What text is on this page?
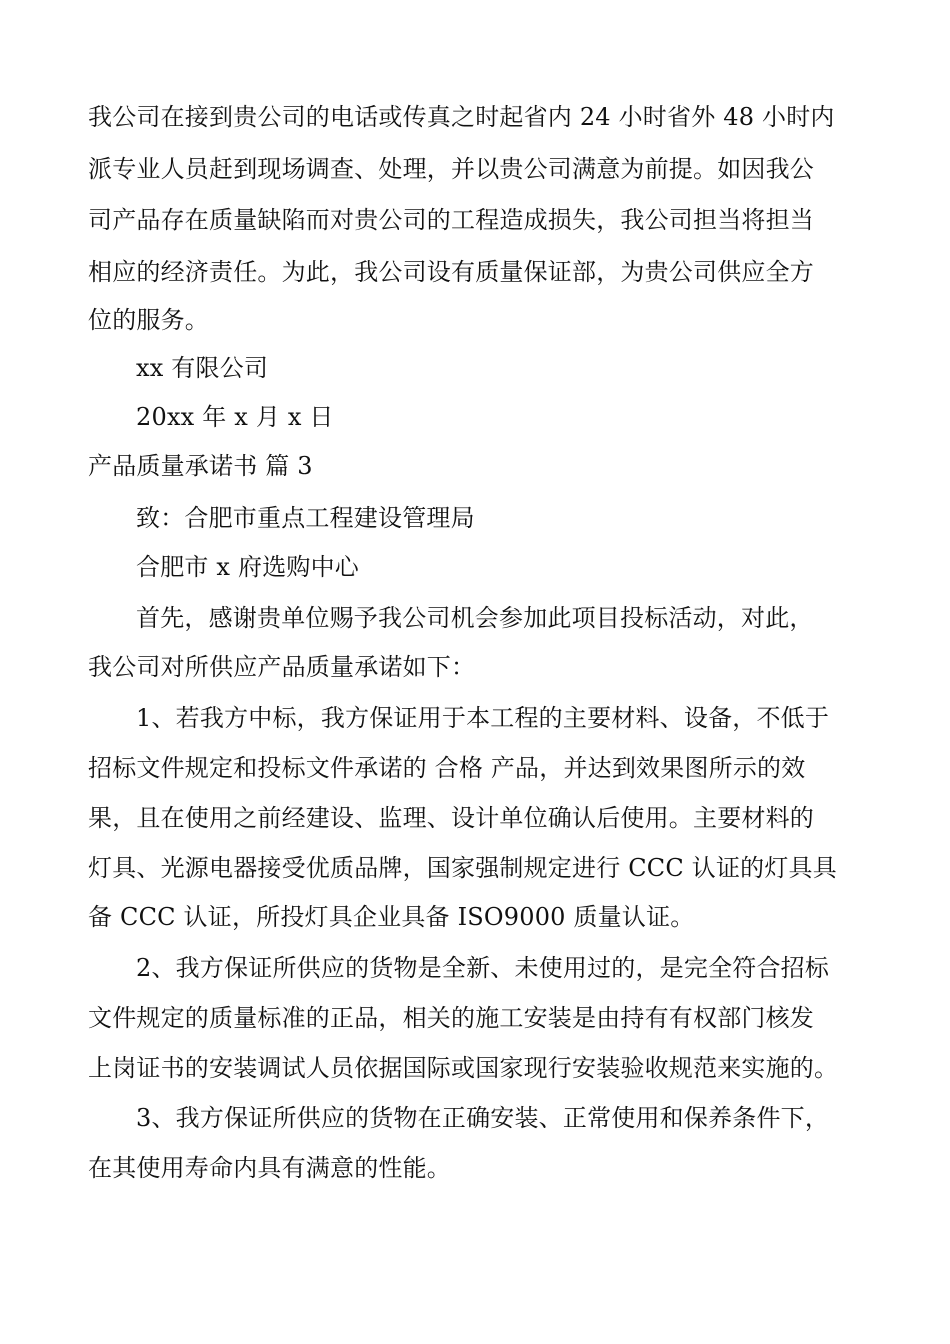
我公司在接到贵公司的电话或传真之时起省内 24 小时省外 48 小时内
派专业人员赶到现场调查、处理，并以贵公司满意为前提。如因我公
司产品存在质量缺陷而对贵公司的工程造成损失，我公司担当将担当
相应的经济责任。为此，我公司设有质量保证部，为贵公司供应全方
位的服务。
xx 有限公司
20xx 年 x 月 x 日
产品质量承诺书 篇 3
致：合肥市重点工程建设管理局
合肥市 x 府选购中心
首先，感谢贵单位赐予我公司机会参加此项目投标活动，对此，
我公司对所供应产品质量承诺如下：
1、若我方中标，我方保证用于本工程的主要材料、设备，不低于
招标文件规定和投标文件承诺的 合格 产品，并达到效果图所示的效
果，且在使用之前经建设、监理、设计单位确认后使用。主要材料的
灯具、光源电器接受优质品牌，国家强制规定进行 CCC 认证的灯具具
备 CCC 认证，所投灯具企业具备 ISO9000 质量认证。
2、我方保证所供应的货物是全新、未使用过的，是完全符合招标
文件规定的质量标准的正品，相关的施工安装是由持有有权部门核发
上岗证书的安装调试人员依据国际或国家现行安装验收规范来实施的。
3、我方保证所供应的货物在正确安装、正常使用和保养条件下，
在其使用寿命内具有满意的性能。
